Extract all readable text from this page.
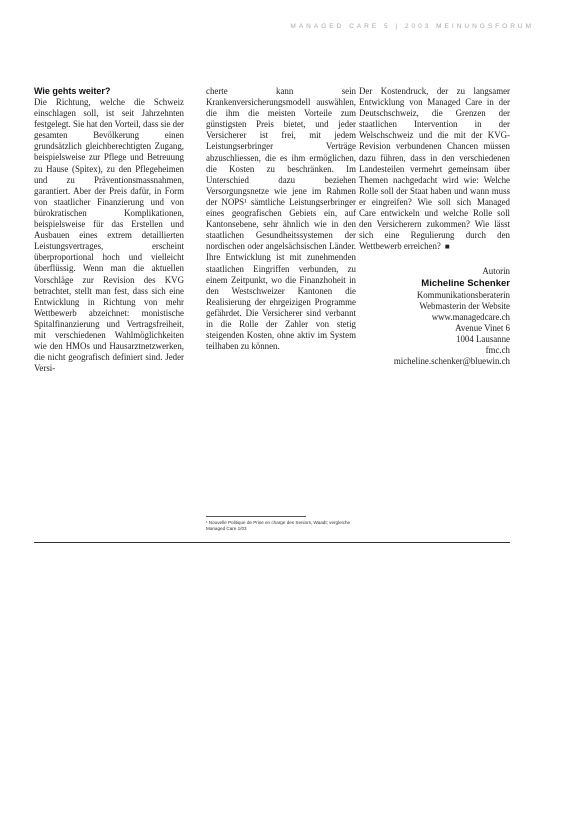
MANAGED CARE 5 | 2003 MEINUNGSFORUM

Wie gehts weiter?

Die Richtung, welche die Schweiz einschlagen soll, ist seit Jahrzehnten festgelegt. Sie hat den Vorteil, dass sie der gesamten Bevölkerung einen grundsätzlich gleichberechtigten Zugang, beispielsweise zur Pflege und Betreuung zu Hause (Spitex), zu den Pflegeheimen und zu Präventionsmassnahmen, garantiert. Aber der Preis dafür, in Form von staatlicher Finanzierung und von bürokratischen Komplikationen, beispielsweise für das Erstellen und Ausbauen eines extrem detaillierten Leistungsvertrages, erscheint überproportional hoch und vielleicht überflüssig. Wenn man die aktuellen Vorschläge zur Revision des KVG betrachtet, stellt man fest, dass sich eine Entwicklung in Richtung von mehr Wettbewerb abzeichnet: monistische Spitalfinanzierung und Vertragsfreiheit, mit verschiedenen Wahlmöglichkeiten wie den HMOs und Hausarztnetzwerken, die nicht geografisch definiert sind. Jeder Versi-

cherte kann sein Krankenversicherungsmodell auswählen, die ihm die meisten Vorteile zum günstigsten Preis bietet, und jeder Versicherer ist frei, mit jedem Leistungserbringer Verträge abzuschliessen, die es ihm ermöglichen, die Kosten zu beschränken. Im Unterschied dazu beziehen Versorgungsnetze wie jene im Rahmen der NOPS¹ sämtliche Leistungserbringer eines geografischen Gebiets ein, auf Kantonsebene, sehr ähnlich wie in den staatlichen Gesundheitssystemen der nordischen oder angelsächsischen Länder. Ihre Entwicklung ist mit zunehmenden staatlichen Eingriffen verbunden, zu einem Zeitpunkt, wo die Finanzhoheit in den Westschweizer Kantonen die Realisierung der ehrgeizigen Programme gefährdet. Die Versicherer sind verbannt in die Rolle der Zahler von stetig steigenden Kosten, ohne aktiv im System teilhaben zu können.

Der Kostendruck, der zu langsamer Entwicklung von Managed Care in der Deutschschweiz, die Grenzen der staatlichen Intervention in der Welschschweiz und die mit der KVG-Revision verbundenen Chancen müssen dazu führen, dass in den verschiedenen Landesteilen vermehrt gemeinsam über Themen nachgedacht wird wie: Welche Rolle soll der Staat haben und wann muss er eingreifen? Wie soll sich Managed Care entwickeln und welche Rolle soll den Versicherern zukommen? Wie lässt sich eine Regulierung durch den Wettbewerb erreichen? ■

Autorin
Micheline Schenker
Kommunikationsberaterin
Webmasterin der Website
www.managedcare.ch
Avenue Vinet 6
1004 Lausanne
fmc.ch
micheline.schenker@bluewin.ch
¹ Nouvelle Politique de Prise en charge des Seniors, Waadt; vergleiche Managed Care 1/03
